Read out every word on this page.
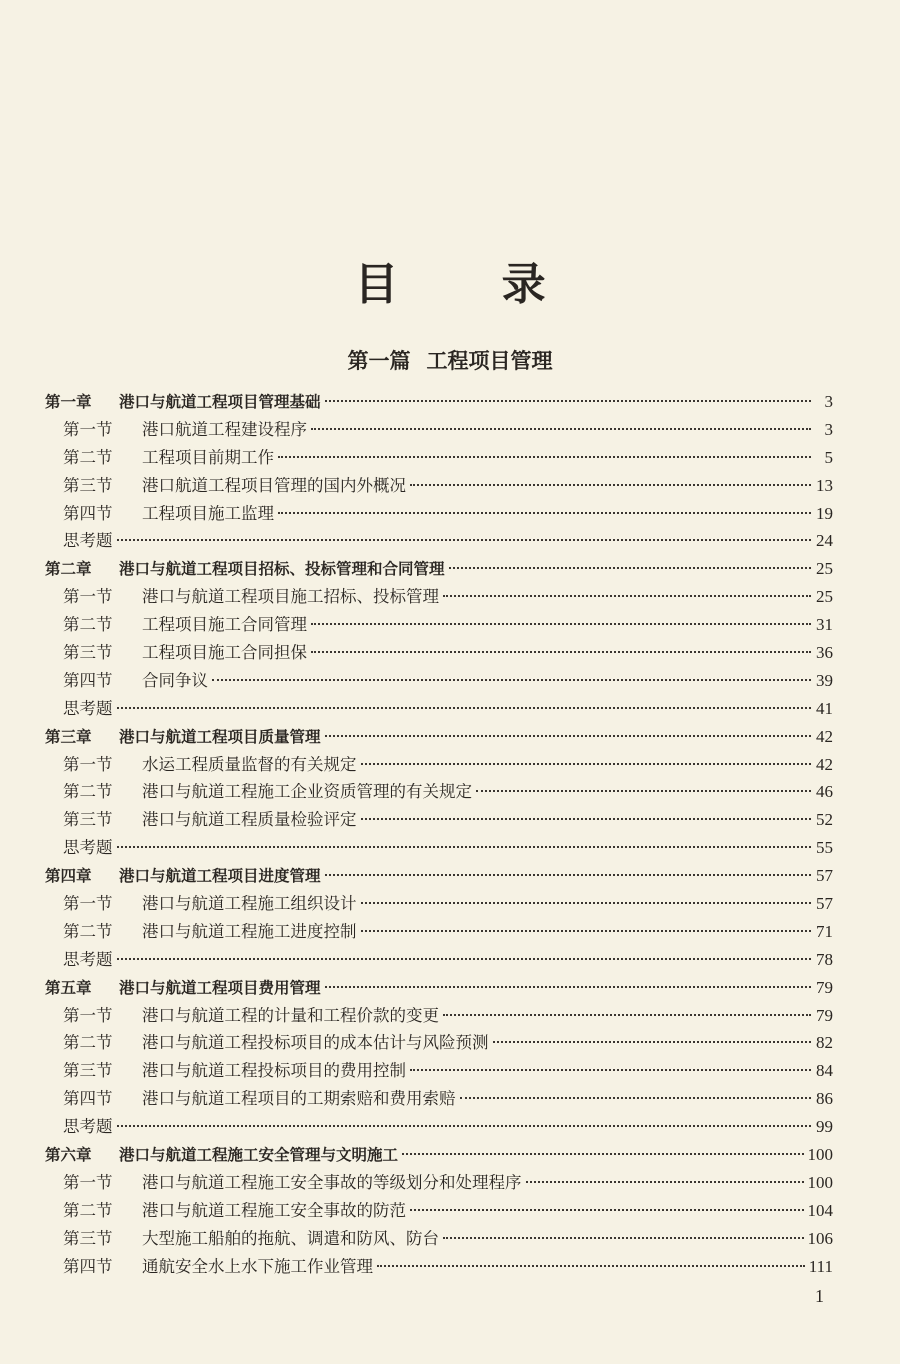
目 录
第一篇 工程项目管理
第一章	港口与航道工程项目管理基础	3
第一节	港口航道工程建设程序	3
第二节	工程项目前期工作	5
第三节	港口航道工程项目管理的国内外概况	13
第四节	工程项目施工监理	19
思考题	24
第二章	港口与航道工程项目招标、投标管理和合同管理	25
第一节	港口与航道工程项目施工招标、投标管理	25
第二节	工程项目施工合同管理	31
第三节	工程项目施工合同担保	36
第四节	合同争议	39
思考题	41
第三章	港口与航道工程项目质量管理	42
第一节	水运工程质量监督的有关规定	42
第二节	港口与航道工程施工企业资质管理的有关规定	46
第三节	港口与航道工程质量检验评定	52
思考题	55
第四章	港口与航道工程项目进度管理	57
第一节	港口与航道工程施工组织设计	57
第二节	港口与航道工程施工进度控制	71
思考题	78
第五章	港口与航道工程项目费用管理	79
第一节	港口与航道工程的计量和工程价款的变更	79
第二节	港口与航道工程投标项目的成本估计与风险预测	82
第三节	港口与航道工程投标项目的费用控制	84
第四节	港口与航道工程项目的工期索赔和费用索赔	86
思考题	99
第六章	港口与航道工程施工安全管理与文明施工	100
第一节	港口与航道工程施工安全事故的等级划分和处理程序	100
第二节	港口与航道工程施工安全事故的防范	104
第三节	大型施工船舶的拖航、调遣和防风、防台	106
第四节	通航安全水上水下施工作业管理	111
1
